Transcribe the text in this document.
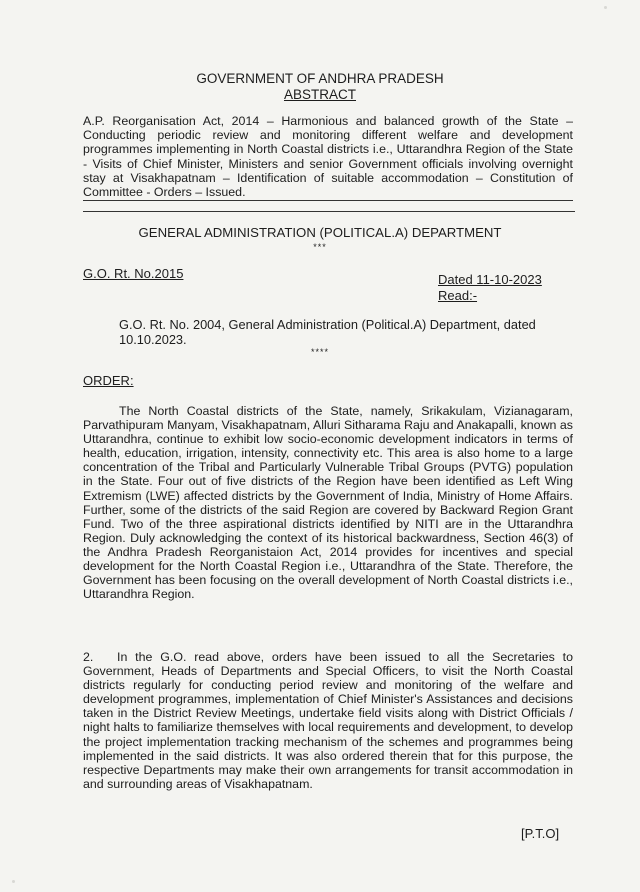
GOVERNMENT OF ANDHRA PRADESH
ABSTRACT
A.P. Reorganisation Act, 2014 – Harmonious and balanced growth of the State – Conducting periodic review and monitoring different welfare and development programmes implementing in North Coastal districts i.e., Uttarandhra Region of the State - Visits of Chief Minister, Ministers and senior Government officials involving overnight stay at Visakhapatnam – Identification of suitable accommodation – Constitution of Committee - Orders – Issued.
GENERAL ADMINISTRATION (POLITICAL.A) DEPARTMENT
***
G.O. Rt. No.2015	Dated 11-10-2023
Read:-
G.O. Rt. No. 2004, General Administration (Political.A) Department, dated 10.10.2023.
****
ORDER:
The North Coastal districts of the State, namely, Srikakulam, Vizianagaram, Parvathipuram Manyam, Visakhapatnam, Alluri Sitharama Raju and Anakapalli, known as Uttarandhra, continue to exhibit low socio-economic development indicators in terms of health, education, irrigation, intensity, connectivity etc. This area is also home to a large concentration of the Tribal and Particularly Vulnerable Tribal Groups (PVTG) population in the State. Four out of five districts of the Region have been identified as Left Wing Extremism (LWE) affected districts by the Government of India, Ministry of Home Affairs. Further, some of the districts of the said Region are covered by Backward Region Grant Fund. Two of the three aspirational districts identified by NITI are in the Uttarandhra Region. Duly acknowledging the context of its historical backwardness, Section 46(3) of the Andhra Pradesh Reorganistaion Act, 2014 provides for incentives and special development for the North Coastal Region i.e., Uttarandhra of the State. Therefore, the Government has been focusing on the overall development of North Coastal districts i.e., Uttarandhra Region.
2. In the G.O. read above, orders have been issued to all the Secretaries to Government, Heads of Departments and Special Officers, to visit the North Coastal districts regularly for conducting period review and monitoring of the welfare and development programmes, implementation of Chief Minister's Assistances and decisions taken in the District Review Meetings, undertake field visits along with District Officials / night halts to familiarize themselves with local requirements and development, to develop the project implementation tracking mechanism of the schemes and programmes being implemented in the said districts. It was also ordered therein that for this purpose, the respective Departments may make their own arrangements for transit accommodation in and surrounding areas of Visakhapatnam.
[P.T.O]
